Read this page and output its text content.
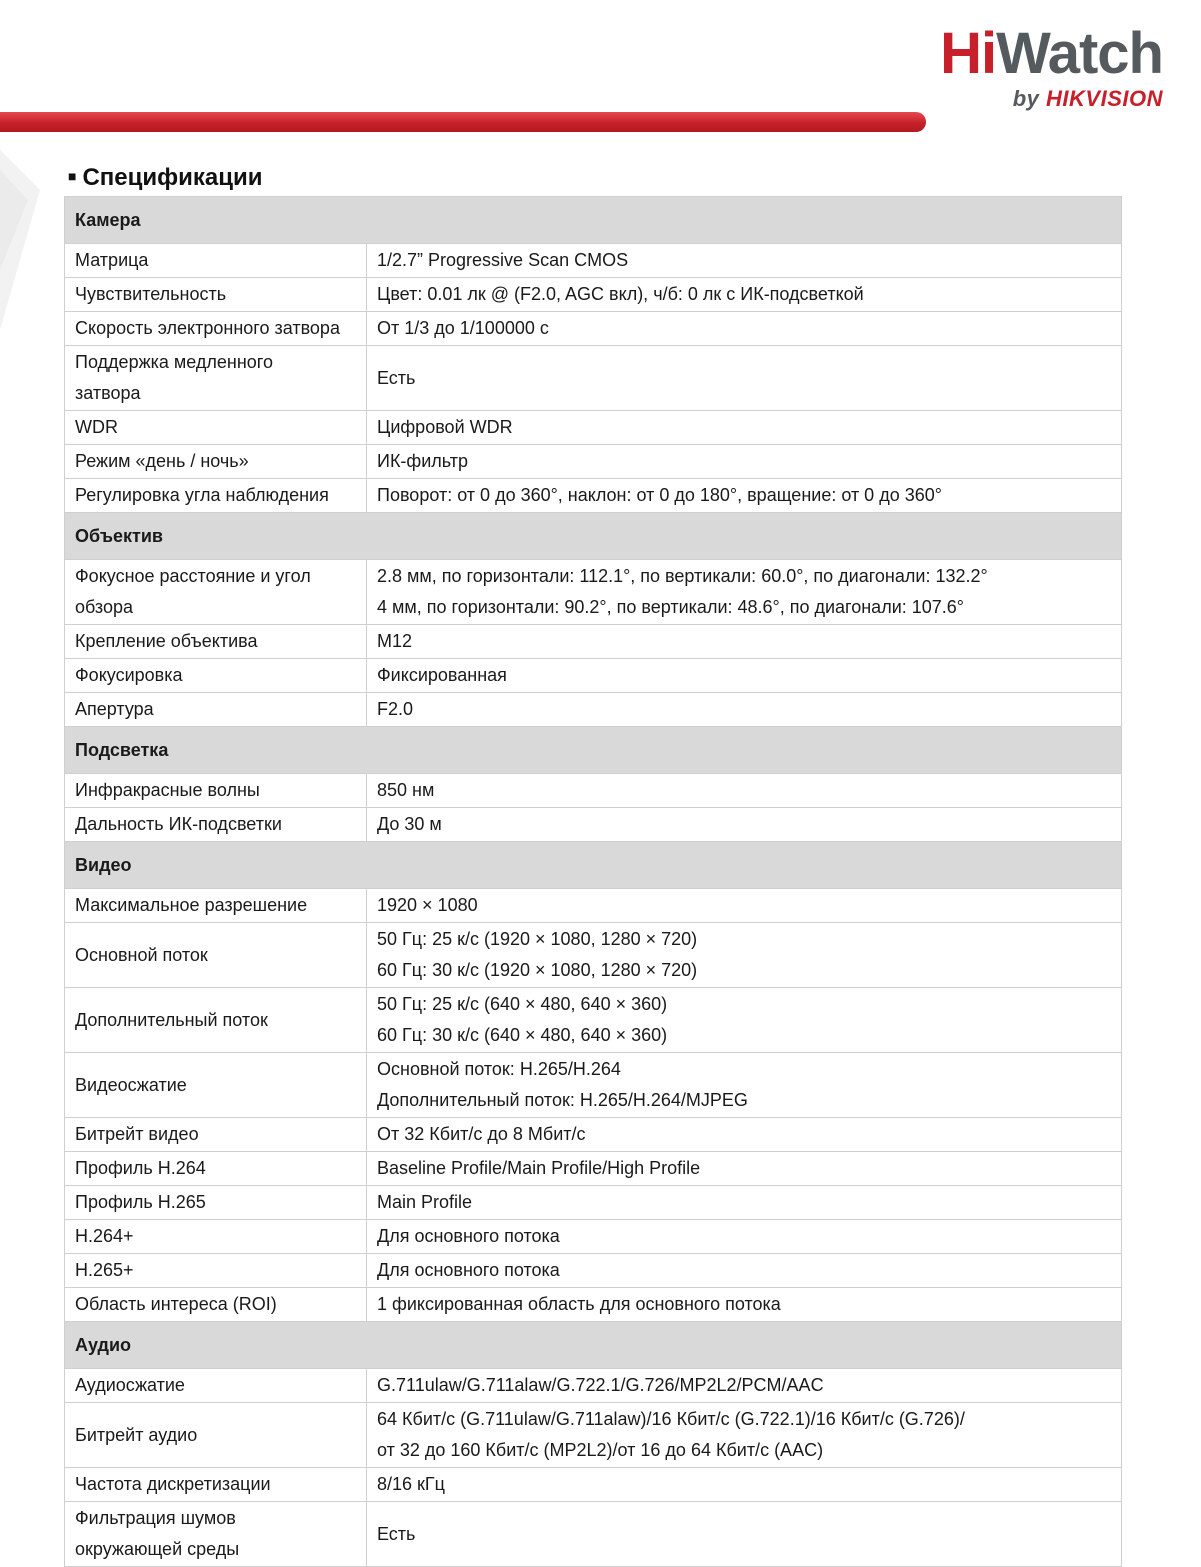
HiWatch
by HIKVISION
■ Спецификации
Камера	

Матрица	1/2.7” Progressive Scan CMOS

Чувствительность	Цвет: 0.01 лк @ (F2.0, AGC вкл), ч/б: 0 лк с ИК-подсветкой

Скорость электронного затвора	От 1/3 до 1/100000 с

Поддержка медленного
затвора	Есть

WDR	Цифровой WDR

Режим «день / ночь»	ИК-фильтр

Регулировка угла наблюдения	Поворот: от 0 до 360°, наклон: от 0 до 180°, вращение: от 0 до 360°

Объектив	

Фокусное расстояние и угол
обзора	2.8 мм, по горизонтали: 112.1°, по вертикали: 60.0°, по диагонали: 132.2°
4 мм, по горизонтали: 90.2°, по вертикали: 48.6°, по диагонали: 107.6°

Крепление объектива	M12

Фокусировка	Фиксированная

Апертура	F2.0

Подсветка	

Инфракрасные волны	850 нм

Дальность ИК-подсветки	До 30 м

Видео	

Максимальное разрешение	1920 × 1080

Основной поток	50 Гц: 25 к/с (1920 × 1080, 1280 × 720)
60 Гц: 30 к/с (1920 × 1080, 1280 × 720)

Дополнительный поток	50 Гц: 25 к/с (640 × 480, 640 × 360)
60 Гц: 30 к/с (640 × 480, 640 × 360)

Видеосжатие	Основной поток: H.265/H.264
Дополнительный поток: H.265/H.264/MJPEG

Битрейт видео	От 32 Кбит/с до 8 Мбит/с

Профиль H.264	Baseline Profile/Main Profile/High Profile

Профиль H.265	Main Profile

H.264+	Для основного потока

H.265+	Для основного потока

Область интереса (ROI)	1 фиксированная область для основного потока

Аудио	

Аудиосжатие	G.711ulaw/G.711alaw/G.722.1/G.726/MP2L2/PCM/AAC

Битрейт аудио	64 Кбит/с (G.711ulaw/G.711alaw)/16 Кбит/с (G.722.1)/16 Кбит/с (G.726)/
от 32 до 160 Кбит/с (MP2L2)/от 16 до 64 Кбит/с (AAC)

Частота дискретизации	8/16 кГц

Фильтрация шумов
окружающей среды	Есть
